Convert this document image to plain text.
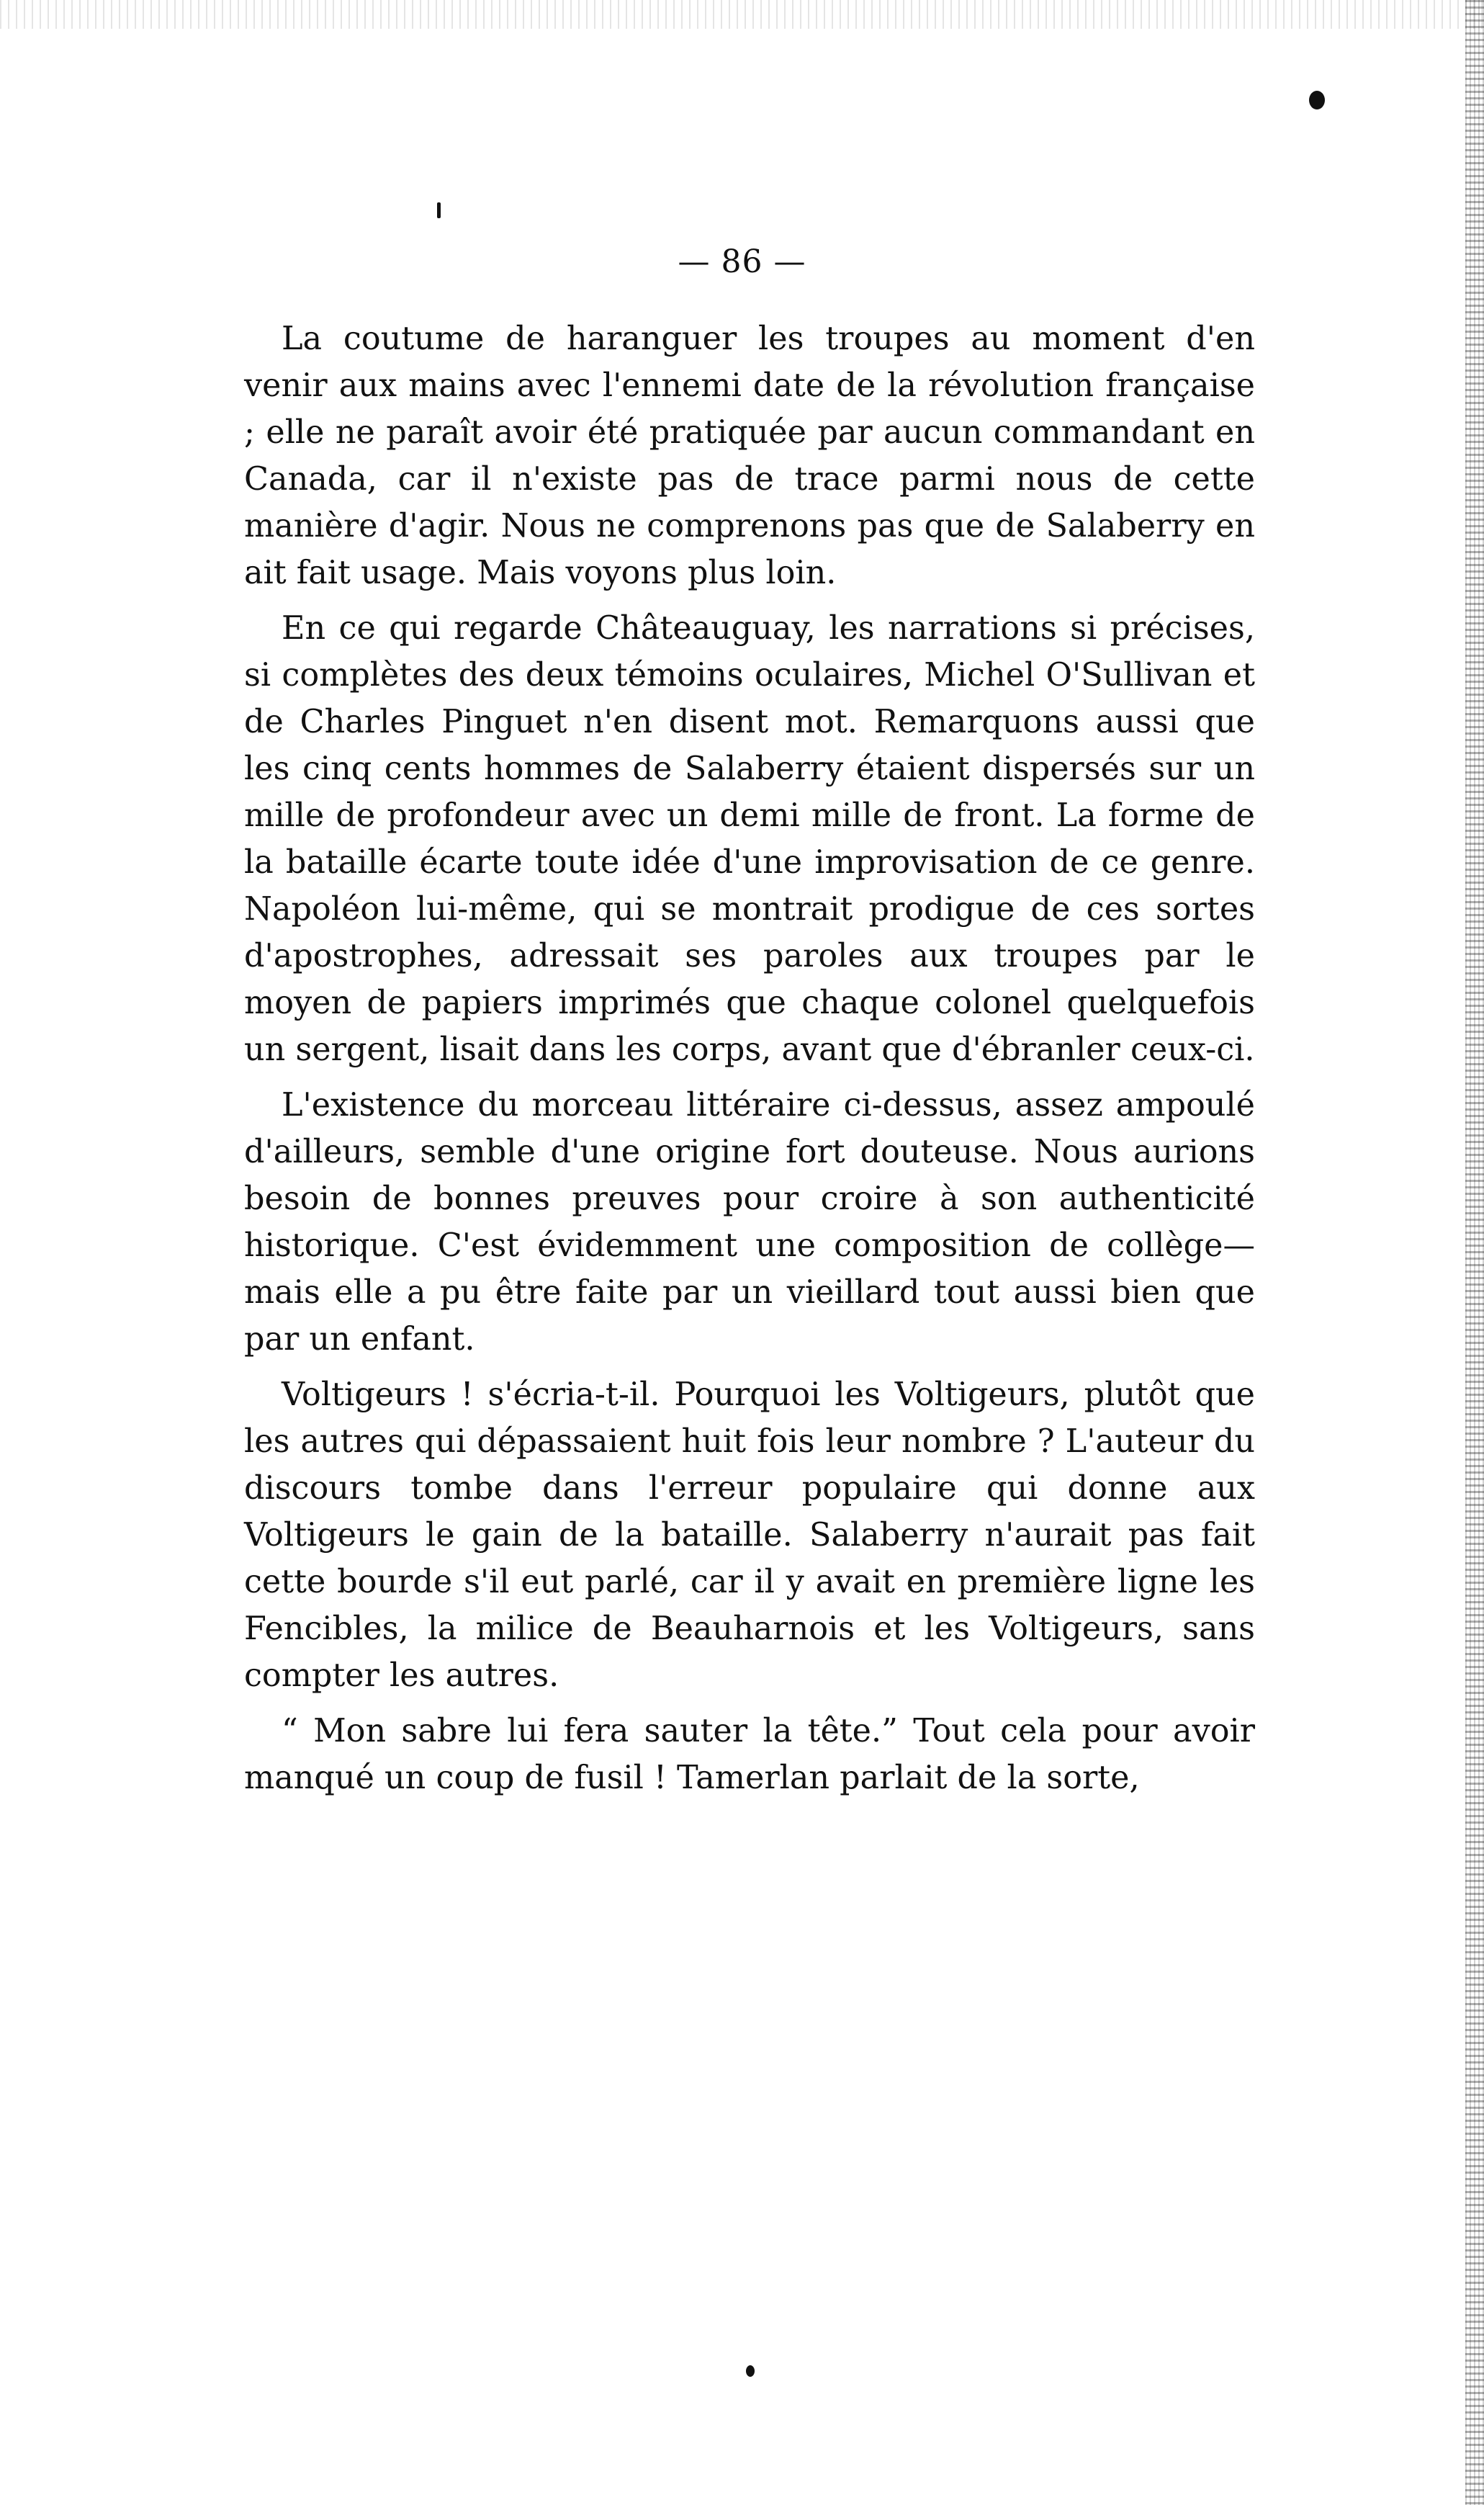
— 86 —

La coutume de haranguer les troupes au moment d'en venir aux mains avec l'ennemi date de la révolution française ; elle ne paraît avoir été pratiquée par aucun commandant en Canada, car il n'existe pas de trace parmi nous de cette manière d'agir. Nous ne comprenons pas que de Salaberry en ait fait usage. Mais voyons plus loin.

En ce qui regarde Châteauguay, les narrations si précises, si complètes des deux témoins oculaires, Michel O'Sullivan et de Charles Pinguet n'en disent mot. Remarquons aussi que les cinq cents hommes de Salaberry étaient dispersés sur un mille de profondeur avec un demi mille de front. La forme de la bataille écarte toute idée d'une improvisation de ce genre. Napoléon lui-même, qui se montrait prodigue de ces sortes d'apostrophes, adressait ses paroles aux troupes par le moyen de papiers imprimés que chaque colonel quelquefois un sergent, lisait dans les corps, avant que d'ébranler ceux-ci.

L'existence du morceau littéraire ci-dessus, assez ampoulé d'ailleurs, semble d'une origine fort douteuse. Nous aurions besoin de bonnes preuves pour croire à son authenticité historique. C'est évidemment une composition de collège—mais elle a pu être faite par un vieillard tout aussi bien que par un enfant.

Voltigeurs ! s'écria-t-il. Pourquoi les Voltigeurs, plutôt que les autres qui dépassaient huit fois leur nombre ? L'auteur du discours tombe dans l'erreur populaire qui donne aux Voltigeurs le gain de la bataille. Salaberry n'aurait pas fait cette bourde s'il eut parlé, car il y avait en première ligne les Fencibles, la milice de Beauharnois et les Voltigeurs, sans compter les autres.

“ Mon sabre lui fera sauter la tête.” Tout cela pour avoir manqué un coup de fusil ! Tamerlan parlait de la sorte,
